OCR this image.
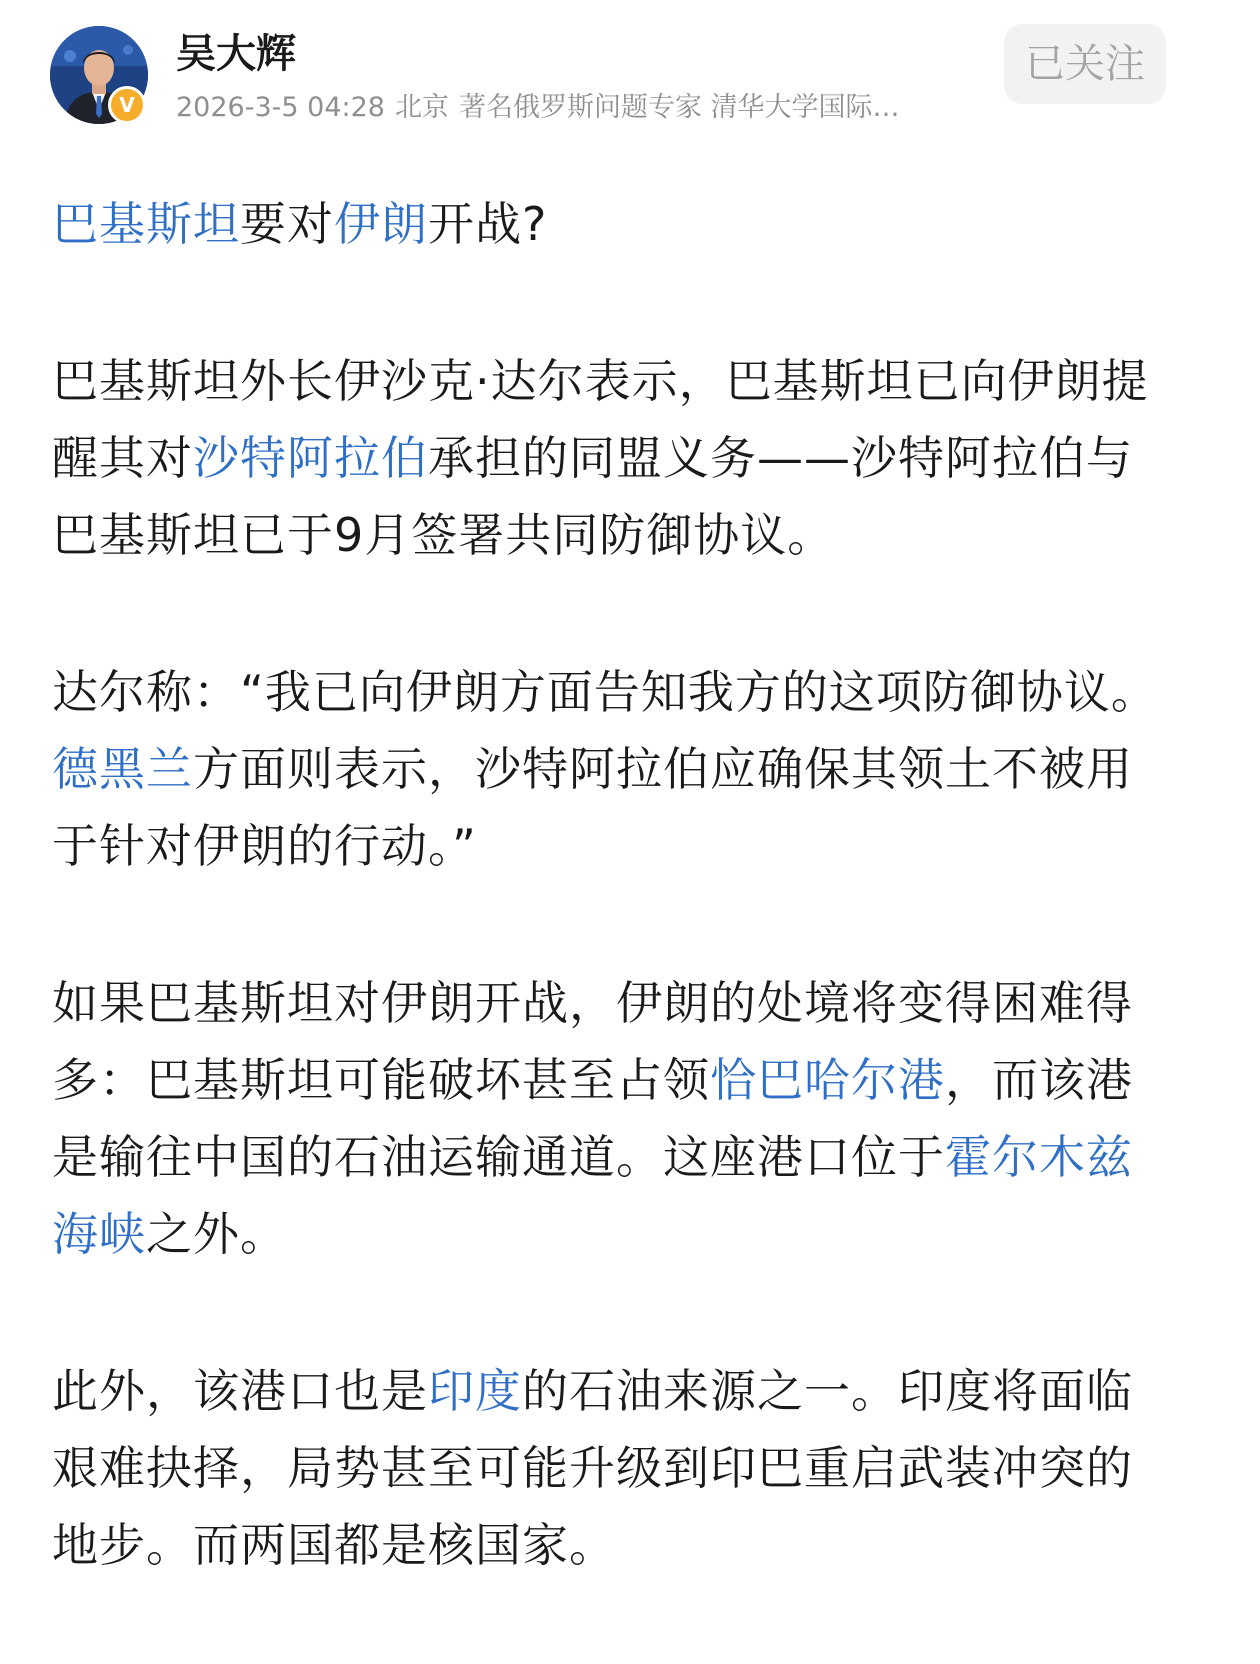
V
吴大辉
2026-3-5 04:28 北京 著名俄罗斯问题专家 清华大学国际…
已关注

巴基斯坦要对伊朗开战?

巴基斯坦外长伊沙克·达尔表示，巴基斯坦已向伊朗提醒其对沙特阿拉伯承担的同盟义务——沙特阿拉伯与巴基斯坦已于9月签署共同防御协议。

达尔称：“我已向伊朗方面告知我方的这项防御协议。德黑兰方面则表示，沙特阿拉伯应确保其领土不被用于针对伊朗的行动。”

如果巴基斯坦对伊朗开战，伊朗的处境将变得困难得多：巴基斯坦可能破坏甚至占领恰巴哈尔港，而该港是输往中国的石油运输通道。这座港口位于霍尔木兹海峡之外。

此外，该港口也是印度的石油来源之一。印度将面临艰难抉择，局势甚至可能升级到印巴重启武装冲突的地步。而两国都是核国家。
